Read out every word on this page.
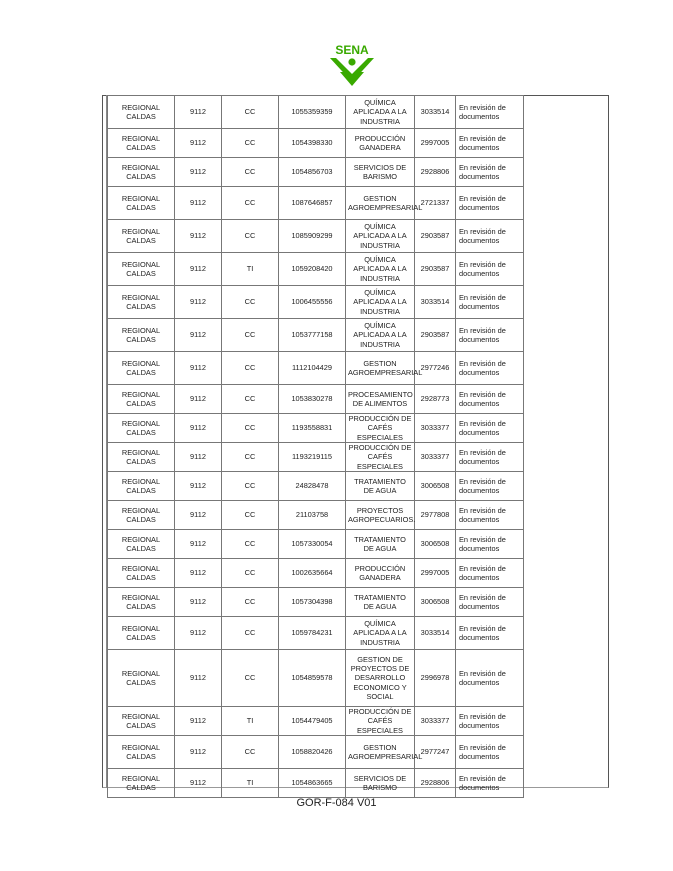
SENA
REGIONAL CALDAS	9112	CC	1055359359	QUÍMICA APLICADA A LA INDUSTRIA	3033514	En revisión de documentos
REGIONAL CALDAS	9112	CC	1054398330	PRODUCCIÓN GANADERA	2997005	En revisión de documentos
REGIONAL CALDAS	9112	CC	1054856703	SERVICIOS DE BARISMO	2928806	En revisión de documentos
REGIONAL CALDAS	9112	CC	1087646857	GESTION AGROEMPRESARIAL	2721337	En revisión de documentos
REGIONAL CALDAS	9112	CC	1085909299	QUÍMICA APLICADA A LA INDUSTRIA	2903587	En revisión de documentos
REGIONAL CALDAS	9112	TI	1059208420	QUÍMICA APLICADA A LA INDUSTRIA	2903587	En revisión de documentos
REGIONAL CALDAS	9112	CC	1006455556	QUÍMICA APLICADA A LA INDUSTRIA	3033514	En revisión de documentos
REGIONAL CALDAS	9112	CC	1053777158	QUÍMICA APLICADA A LA INDUSTRIA	2903587	En revisión de documentos
REGIONAL CALDAS	9112	CC	1112104429	GESTION AGROEMPRESARIAL	2977246	En revisión de documentos
REGIONAL CALDAS	9112	CC	1053830278	PROCESAMIENTO DE ALIMENTOS	2928773	En revisión de documentos
REGIONAL CALDAS	9112	CC	1193558831	PRODUCCIÓN DE CAFÉS ESPECIALES	3033377	En revisión de documentos
REGIONAL CALDAS	9112	CC	1193219115	PRODUCCIÓN DE CAFÉS ESPECIALES	3033377	En revisión de documentos
REGIONAL CALDAS	9112	CC	24828478	TRATAMIENTO DE AGUA	3006508	En revisión de documentos
REGIONAL CALDAS	9112	CC	21103758	PROYECTOS AGROPECUARIOS.	2977808	En revisión de documentos
REGIONAL CALDAS	9112	CC	1057330054	TRATAMIENTO DE AGUA	3006508	En revisión de documentos
REGIONAL CALDAS	9112	CC	1002635664	PRODUCCIÓN GANADERA	2997005	En revisión de documentos
REGIONAL CALDAS	9112	CC	1057304398	TRATAMIENTO DE AGUA	3006508	En revisión de documentos
REGIONAL CALDAS	9112	CC	1059784231	QUÍMICA APLICADA A LA INDUSTRIA	3033514	En revisión de documentos
REGIONAL CALDAS	9112	CC	1054859578	GESTION DE PROYECTOS DE DESARROLLO ECONOMICO Y SOCIAL	2996978	En revisión de documentos
REGIONAL CALDAS	9112	TI	1054479405	PRODUCCIÓN DE CAFÉS ESPECIALES	3033377	En revisión de documentos
REGIONAL CALDAS	9112	CC	1058820426	GESTION AGROEMPRESARIAL	2977247	En revisión de documentos
REGIONAL CALDAS	9112	TI	1054863665	SERVICIOS DE BARISMO	2928806	En revisión de documentos
GOR-F-084 V01
